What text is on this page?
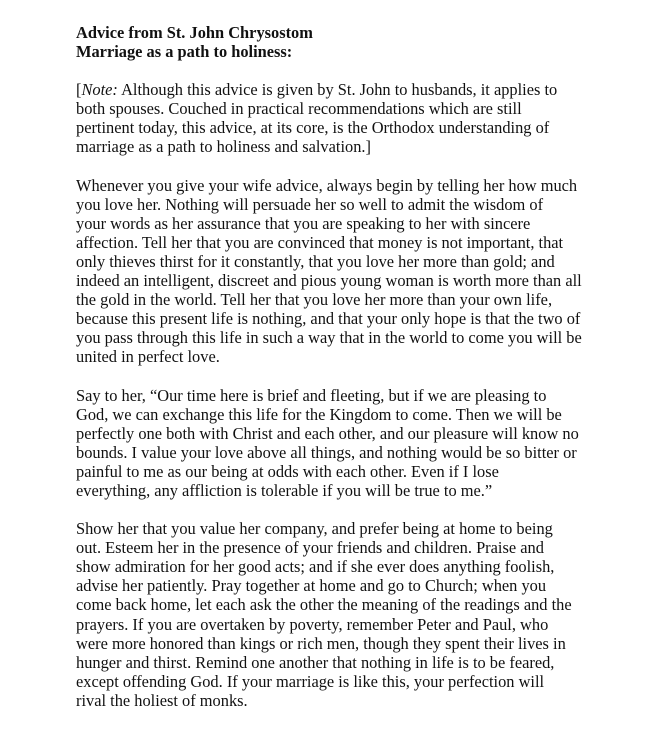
Advice from St. John Chrysostom
Marriage as a path to holiness:
[Note: Although this advice is given by St. John to husbands, it applies to
both spouses. Couched in practical recommendations which are still
pertinent today, this advice, at its core, is the Orthodox understanding of
marriage as a path to holiness and salvation.]
Whenever you give your wife advice, always begin by telling her how much
you love her. Nothing will persuade her so well to admit the wisdom of
your words as her assurance that you are speaking to her with sincere
affection. Tell her that you are convinced that money is not important, that
only thieves thirst for it constantly, that you love her more than gold; and
indeed an intelligent, discreet and pious young woman is worth more than all
the gold in the world. Tell her that you love her more than your own life,
because this present life is nothing, and that your only hope is that the two of
you pass through this life in such a way that in the world to come you will be
united in perfect love.
Say to her, “Our time here is brief and fleeting, but if we are pleasing to
God, we can exchange this life for the Kingdom to come. Then we will be
perfectly one both with Christ and each other, and our pleasure will know no
bounds. I value your love above all things, and nothing would be so bitter or
painful to me as our being at odds with each other. Even if I lose
everything, any affliction is tolerable if you will be true to me.”
Show her that you value her company, and prefer being at home to being
out. Esteem her in the presence of your friends and children. Praise and
show admiration for her good acts; and if she ever does anything foolish,
advise her patiently. Pray together at home and go to Church; when you
come back home, let each ask the other the meaning of the readings and the
prayers. If you are overtaken by poverty, remember Peter and Paul, who
were more honored than kings or rich men, though they spent their lives in
hunger and thirst. Remind one another that nothing in life is to be feared,
except offending God. If your marriage is like this, your perfection will
rival the holiest of monks.
